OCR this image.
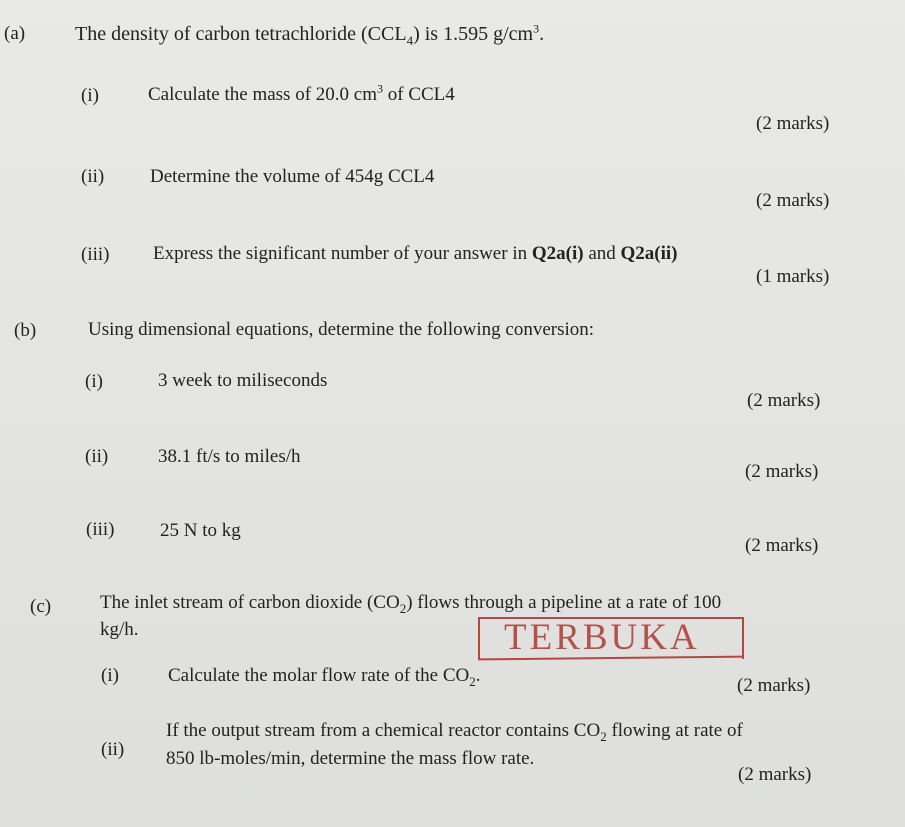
(a) The density of carbon tetrachloride $(CCL_4)$ is 1.595 $g/cm^3$.
(i)	Calculate the mass of 20.0 $cm^3$ of CCL4
(2 marks)
(ii) Determine the volume of 454g CCL4
(2 marks)
(iii) Express the significant number of your answer in Q2a(i) and Q2a(ii)
(1 marks)
(b)	Using dimensional equations, determine the following conversion:
(i)	3 week to miliseconds
(2 marks)
(ii)	38.1 ft/s to miles/h
(2 marks)
(iii) 25 N to kg
(2 marks)
(c)	The inlet stream of carbon dioxide $(CO_2)$ flows through a pipeline at a rate of 100
kg/h.	TERBUKA
(i)	Calculate the molar flow rate of the $CO_2$.	(2 marks)
(ii)
If the output stream from a chemical reactor contains $CO_2$ flowing at rate of
850 lb-moles/min, determine the mass flow rate.
(2 marks)
